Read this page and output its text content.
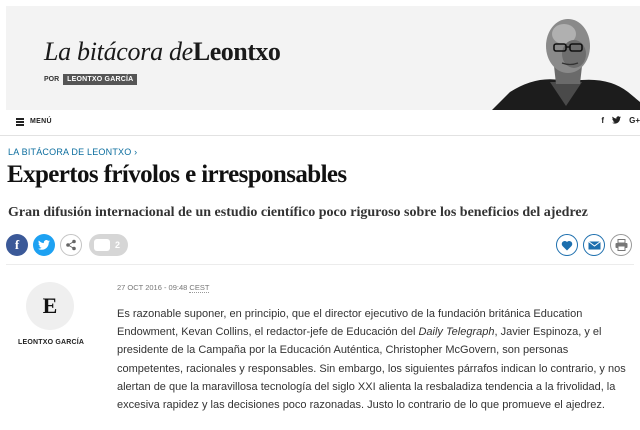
La bitácora deLeontxo
POR	LEONTXO GARCÍA
MENÚ	f	G+
LA BITÁCORA DE LEONTXO ›
Expertos frívolos e irresponsables
Gran difusión internacional de un estudio científico poco riguroso sobre los beneficios del ajedrez
f	2
E
LEONTXO GARCÍA
27 OCT 2016 - 09:48 CEST

Es razonable suponer, en principio, que el director ejecutivo de la fundación británica Education Endowment, Kevan Collins, el redactor-jefe de Educación del Daily Telegraph, Javier Espinoza, y el presidente de la Campaña por la Educación Auténtica, Christopher McGovern, son personas competentes, racionales y responsables. Sin embargo, los siguientes párrafos indican lo contrario, y nos alertan de que la maravillosa tecnología del siglo XXI alienta la resbaladiza tendencia a la frivolidad, la excesiva rapidez y las decisiones poco razonadas. Justo lo contrario de lo que promueve el ajedrez.
